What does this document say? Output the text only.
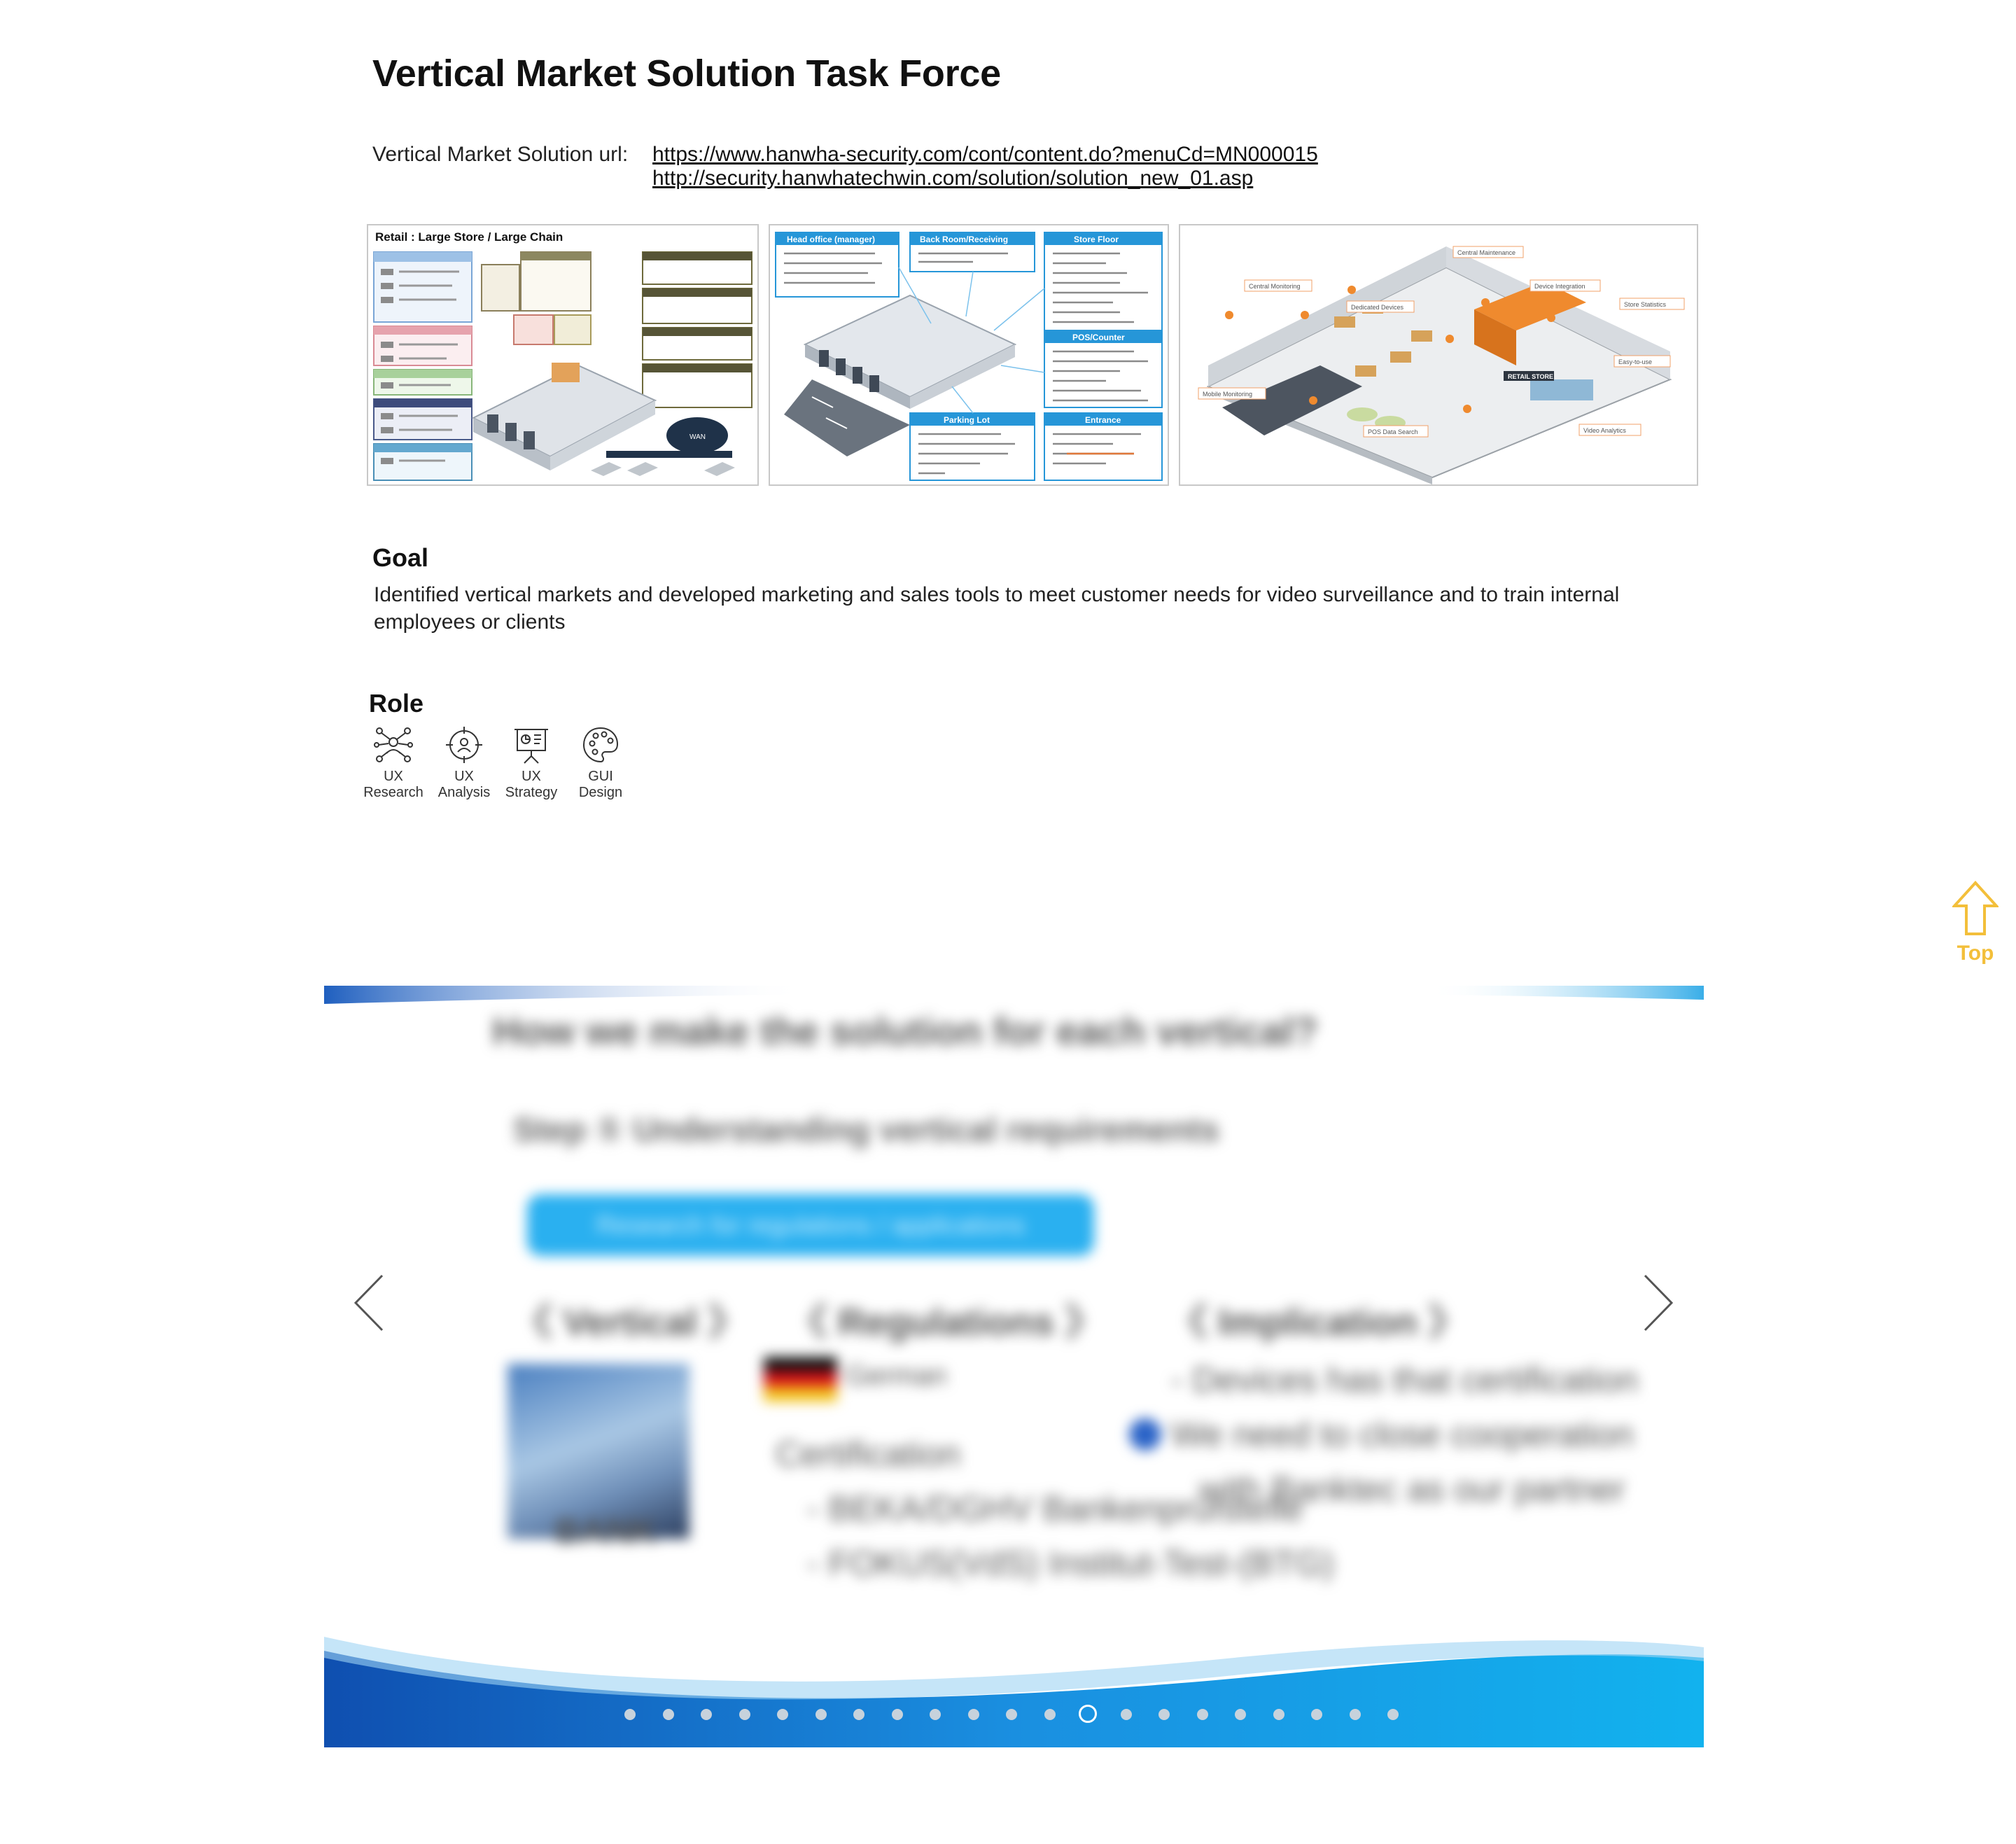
Vertical Market Solution Task Force
Vertical Market Solution url: https://www.hanwha-security.com/cont/content.do?menuCd=MN000015
http://security.hanwhatechwin.com/solution/solution_new_01.asp
Retail : Large Store / Large Chain
WAN
Head office (manager)	Back Room/Receiving	Store Floor
POS/Counter
Parking Lot	Entrance
Central Maintenance
Central Monitoring	Device Integration
Dedicated Devices	Store Statistics
Easy-to-use
Mobile Monitoring
POS Data Search	Video Analytics
RETAIL STORE
Goal

Identified vertical markets and developed marketing and sales tools to meet customer needs for video surveillance and to train internal employees or clients

Role
UX
Research
UX
Analysis
UX
Strategy
GUI
Design
Top
How we make the solution for each vertical?
Step ① Understanding vertical requirements
Research for regulations / applications
《 Vertical 》 《 Regulations 》 《 Implication 》
BANK
German
Certification
- BEKA/DGHV Bankenprüfstelle
- FOKUS(VdS) Institut-Test-(BTG)
- Devices has that certification
We need to close cooperation
with Banktec as our partner
